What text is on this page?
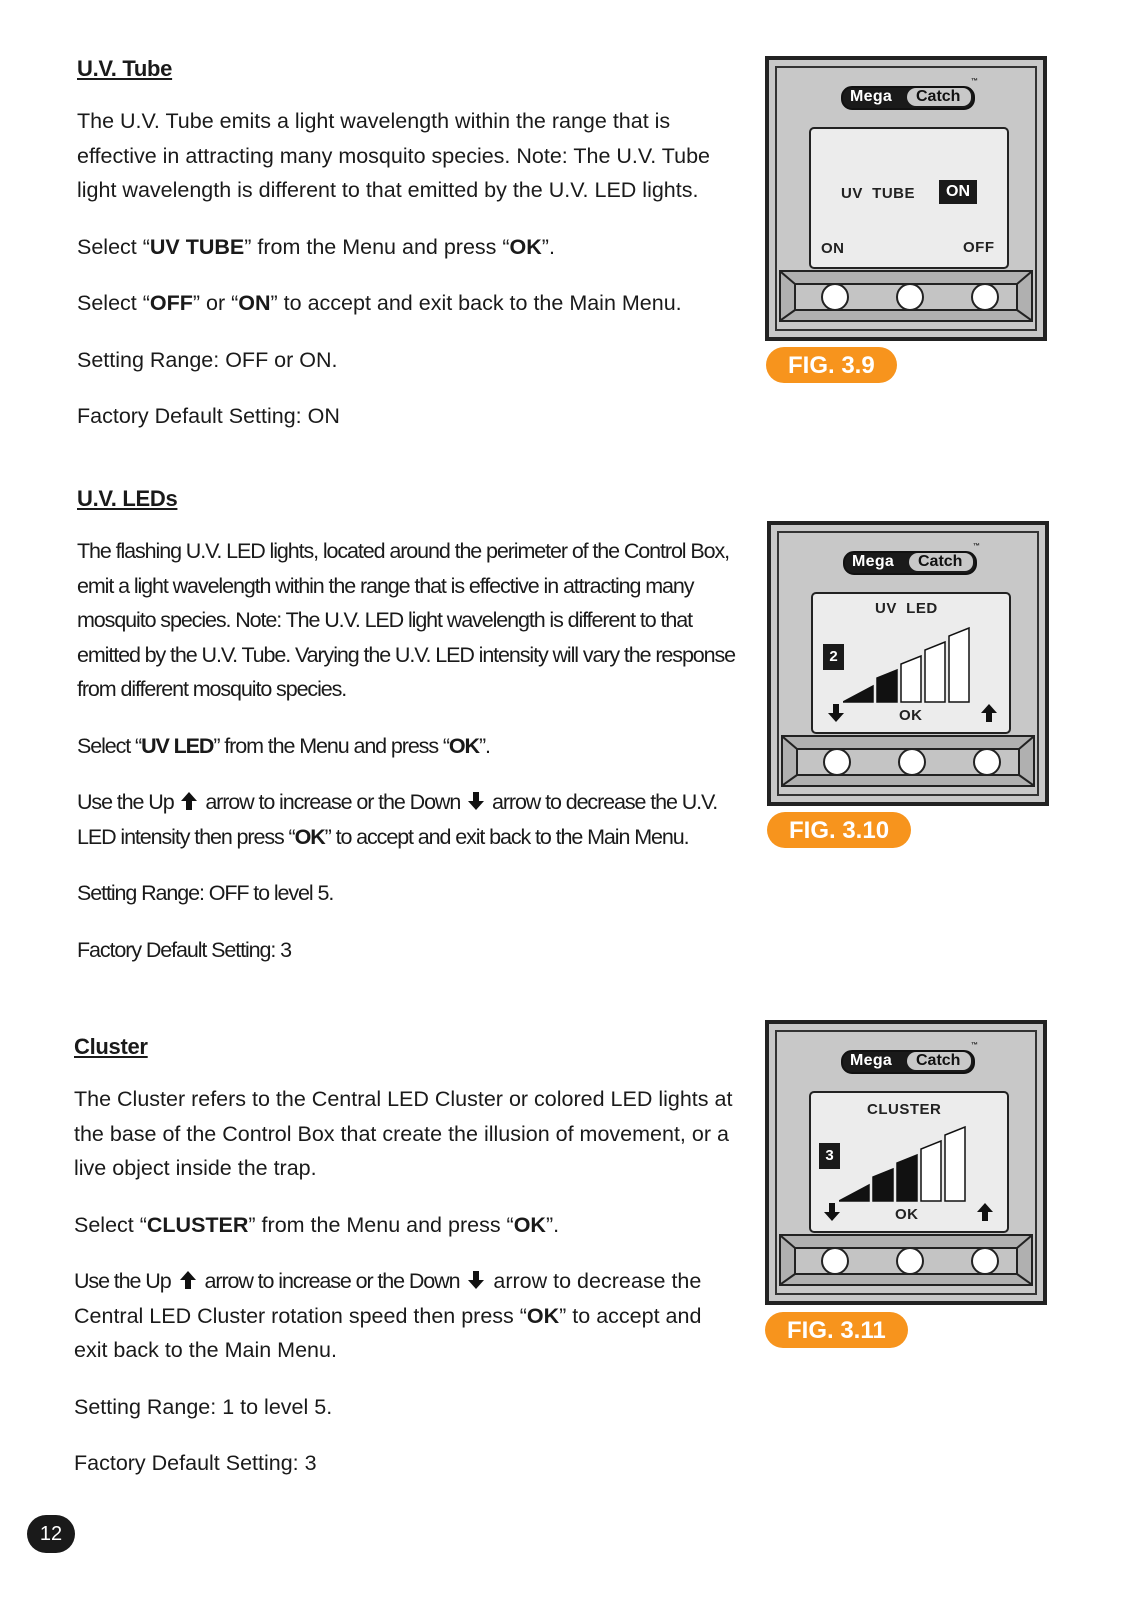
U.V. Tube

The U.V. Tube emits a light wavelength within the range that is effective in attracting many mosquito species. Note: The U.V. Tube light wavelength is different to that emitted by the U.V. LED lights.

Select “UV TUBE” from the Menu and press “OK”.

Select “OFF” or “ON” to accept and exit back to the Main Menu.

Setting Range: OFF or ON.

Factory Default Setting: ON

U.V. LEDs

The flashing U.V. LED lights, located around the perimeter of the Control Box, emit a light wavelength within the range that is effective in attracting many mosquito species. Note: The U.V. LED light wavelength is different to that emitted by the U.V. Tube. Varying the U.V. LED intensity will vary the response from different mosquito species.

Select “UV LED” from the Menu and press “OK”.

Use the Up arrow to increase or the Down arrow to decrease the U.V. LED intensity then press “OK” to accept and exit back to the Main Menu.

Setting Range: OFF to level 5.

Factory Default Setting: 3

Cluster

The Cluster refers to the Central LED Cluster or colored LED lights at the base of the Control Box that create the illusion of movement, or a live object inside the trap.

Select “CLUSTER” from the Menu and press “OK”.

Use the Up arrow to increase or the Down arrow to decrease the Central LED Cluster rotation speed then press “OK” to accept and exit back to the Main Menu.

Setting Range: 1 to level 5.

Factory Default Setting: 3

Mega Catch
™
UV  TUBE	ON
ON	OFF
FIG. 3.9
Mega Catch
™
UV  LED
2
OK
FIG. 3.10
Mega Catch
™
CLUSTER
3
OK
FIG. 3.11
12
